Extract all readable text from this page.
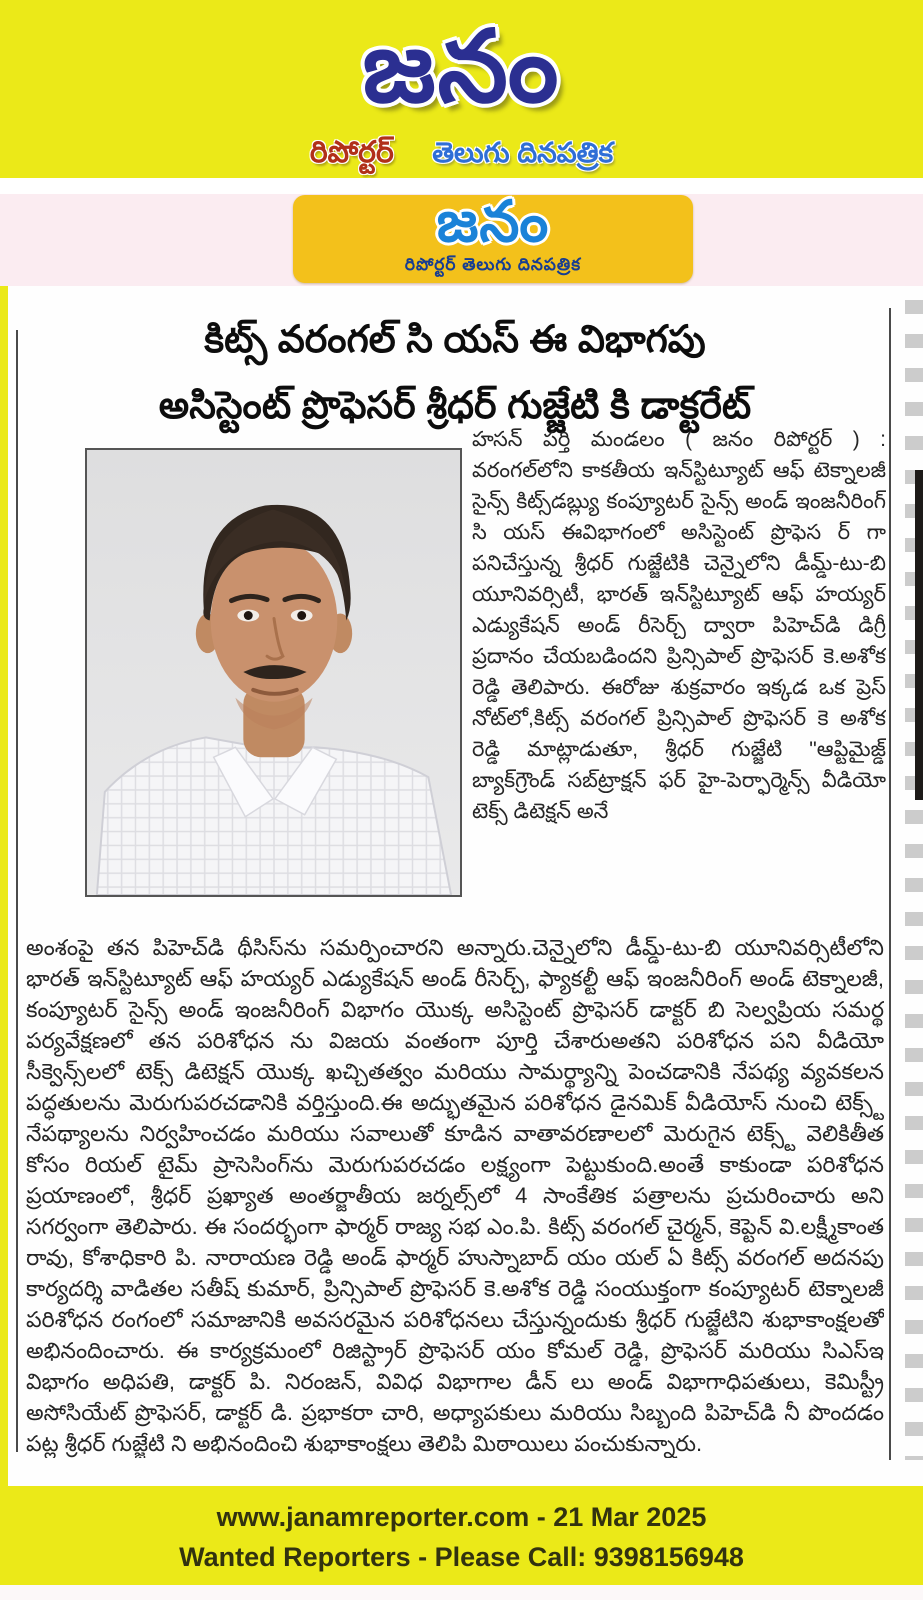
జనం
రిపోర్టర్ తెలుగు దినపత్రిక
జనం
రిపోర్టర్ తెలుగు దినపత్రిక
కిట్స్ వరంగల్ సి యస్ ఈ విభాగపు
అసిస్టెంట్ ప్రొఫెసర్ శ్రీధర్ గుజ్జేటి కి డాక్టరేట్
హసన్ పర్తి మండలం ( జనం రిపోర్టర్ ) : వరంగల్‌లోని కాకతీయ ఇన్‌స్టిట్యూట్ ఆఫ్ టెక్నాలజీ సైన్స్ కిట్స్‌డబ్ల్యు కంప్యూటర్ సైన్స్ అండ్ ఇంజనీరింగ్ సి యస్ ఈవిభాగంలో అసిస్టెంట్ ప్రొఫెస ర్ గా పనిచేస్తున్న శ్రీధర్ గుజ్జేటికి చెన్నైలోని డీమ్డ్-టు-బి యూనివర్సిటీ, భారత్ ఇన్‌స్టిట్యూట్ ఆఫ్ హయ్యర్ ఎడ్యుకేషన్ అండ్ రీసెర్చ్ ద్వారా పిహెచ్‌డి డిగ్రీ ప్రదానం చేయబడిందని ప్రిన్సిపాల్ ప్రొఫెసర్ కె.అశోక రెడ్డి తెలిపారు. ఈరోజు శుక్రవారం ఇక్కడ ఒక ప్రెస్ నోట్‌లో,కిట్స్ వరంగల్ ప్రిన్సిపాల్ ప్రొఫెసర్ కె అశోక రెడ్డి మాట్లాడుతూ, శ్రీధర్ గుజ్జేటి "ఆప్టిమైజ్డ్ బ్యాక్‌గ్రౌండ్ సబ్‌ట్రాక్షన్ ఫర్ హై-పెర్ఫార్మెన్స్ వీడియో టెక్స్ డిటెక్షన్ అనే
అంశంపై తన పిహెచ్‌డి థీసిస్‌ను సమర్పించారని అన్నారు.చెన్నైలోని డీమ్డ్-టు-బి యూనివర్సిటీలోని భారత్ ఇన్‌స్టిట్యూట్ ఆఫ్ హయ్యర్ ఎడ్యుకేషన్ అండ్ రీసెర్చ్, ఫ్యాకల్టీ ఆఫ్ ఇంజనీరింగ్ అండ్ టెక్నాలజీ, కంప్యూటర్ సైన్స్ అండ్ ఇంజనీరింగ్ విభాగం యొక్క అసిస్టెంట్ ప్రొఫెసర్ డాక్టర్ బి సెల్వప్రియ సమర్థ పర్యవేక్షణలో తన పరిశోధన ను విజయ వంతంగా పూర్తి చేశారుఅతని పరిశోధన పని వీడియో సీక్వెన్స్‌లలో టెక్స్ డిటెక్షన్ యొక్క ఖచ్చితత్వం మరియు సామర్థ్యాన్ని పెంచడానికి నేపథ్య వ్యవకలన పద్ధతులను మెరుగుపరచడానికి వర్తిస్తుంది.ఈ అద్భుతమైన పరిశోధన డైనమిక్ వీడియోస్ నుంచి టెక్స్ట్ నేపథ్యాలను నిర్వహించడం మరియు సవాలుతో కూడిన వాతావరణాలలో మెరుగైన టెక్స్ట్ వెలికితీత కోసం రియల్ టైమ్ ప్రాసెసింగ్‌ను మెరుగుపరచడం లక్ష్యంగా పెట్టుకుంది.అంతే కాకుండా పరిశోధన ప్రయాణంలో, శ్రీధర్ ప్రఖ్యాత అంతర్జాతీయ జర్నల్స్‌లో 4 సాంకేతిక పత్రాలను ప్రచురించారు అని సగర్వంగా తెలిపారు. ఈ సందర్భంగా ఫార్మర్ రాజ్య సభ ఎం.పి. కిట్స్ వరంగల్ చైర్మన్, కెప్టెన్ వి.లక్ష్మీకాంత రావు, కోశాధికారి పి. నారాయణ రెడ్డి అండ్ ఫార్మర్ హుస్నాబాద్ యం యల్ ఏ కిట్స్ వరంగల్ అదనపు కార్యదర్శి వాడితల సతీష్ కుమార్, ప్రిన్సిపాల్ ప్రొఫెసర్ కె.అశోక రెడ్డి సంయుక్తంగా కంప్యూటర్ టెక్నాలజీ పరిశోధన రంగంలో సమాజానికి అవసరమైన పరిశోధనలు చేస్తున్నందుకు శ్రీధర్ గుజ్జేటిని శుభాకాంక్షలతో అభినందించారు. ఈ కార్యక్రమంలో రిజిస్ట్రార్ ప్రొఫెసర్ యం కోమల్ రెడ్డి, ప్రొఫెసర్ మరియు సిఎస్ఇ విభాగం అధిపతి, డాక్టర్ పి. నిరంజన్, వివిధ విభాగాల డీన్ లు అండ్ విభాగాధిపతులు, కెమిస్ట్రీ అసోసియేట్ ప్రొఫెసర్, డాక్టర్ డి. ప్రభాకరా చారి, అధ్యాపకులు మరియు సిబ్బంది పిహెచ్‌డి నీ పొందడం పట్ల శ్రీధర్ గుజ్జేటి ని అభినందించి శుభాకాంక్షలు తెలిపి మిఠాయిలు పంచుకున్నారు.
www.janamreporter.com - 21 Mar 2025
Wanted Reporters - Please Call: 9398156948
